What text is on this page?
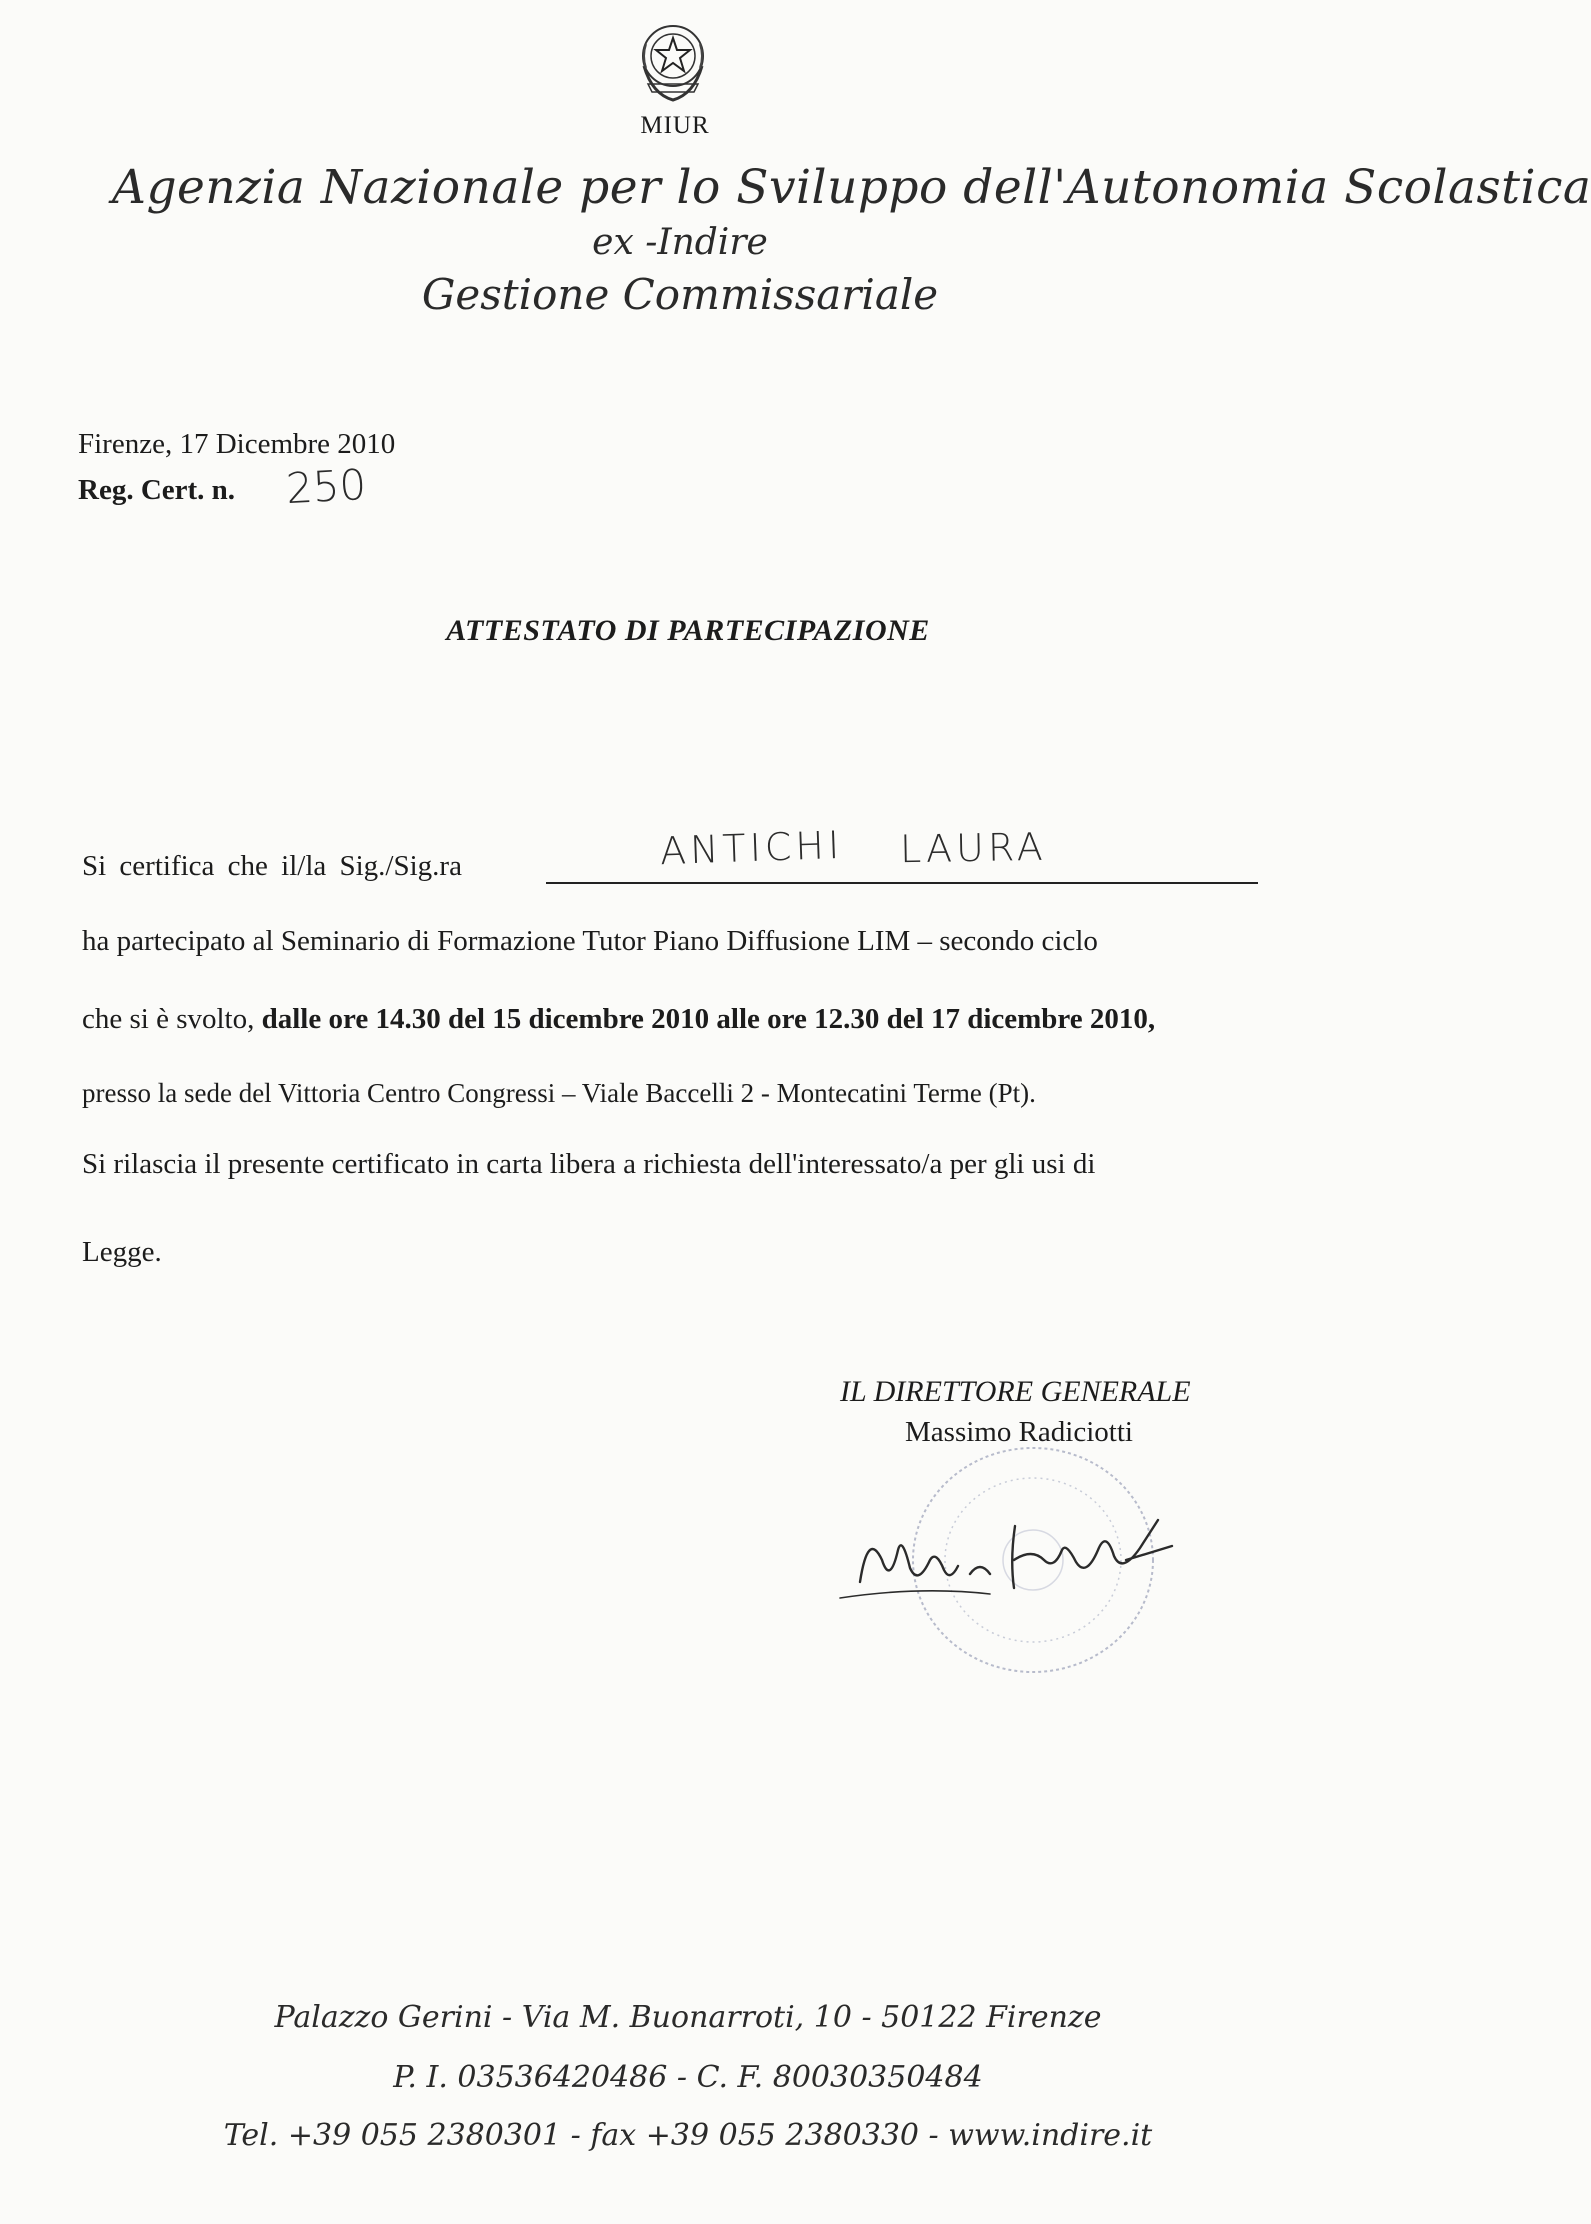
MIUR
Agenzia Nazionale per lo Sviluppo dell'Autonomia Scolastica
ex -Indire
Gestione Commissariale
Firenze, 17 Dicembre 2010
Reg. Cert. n. 250
ATTESTATO DI PARTECIPAZIONE
Si certifica che il/la Sig./Sig.ra	ANTICHI LAURA
ha partecipato al Seminario di Formazione Tutor Piano Diffusione LIM – secondo ciclo
che si è svolto, dalle ore 14.30 del 15 dicembre 2010 alle ore 12.30 del 17 dicembre 2010,
presso la sede del Vittoria Centro Congressi – Viale Baccelli 2 - Montecatini Terme (Pt).
Si rilascia il presente certificato in carta libera a richiesta dell'interessato/a per gli usi di
Legge.
IL DIRETTORE GENERALE
Massimo Radiciotti
Palazzo Gerini - Via M. Buonarroti, 10 - 50122 Firenze
P. I. 03536420486 - C. F. 80030350484
Tel. +39 055 2380301 - fax +39 055 2380330 - www.indire.it
